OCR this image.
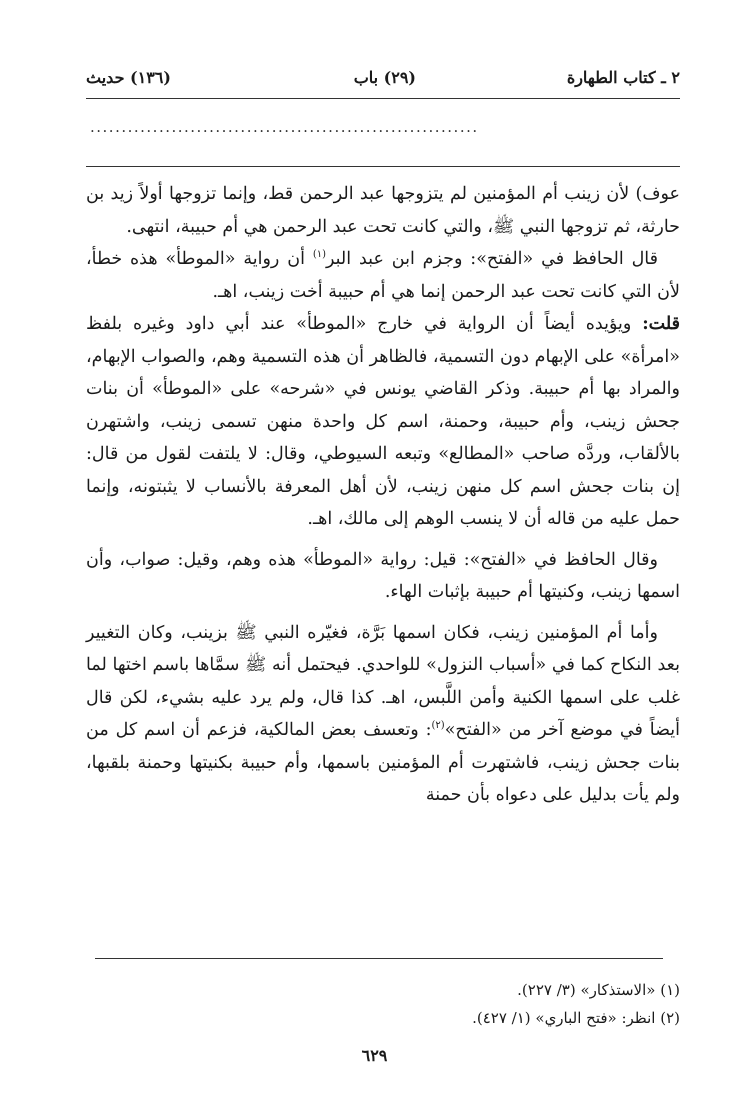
٢ ـ كتاب الطهارة
(٢٩) باب
(١٣٦) حديث
..............................................................

عوف) لأن زينب أم المؤمنين لم يتزوجها عبد الرحمن قط، وإنما تزوجها أولاً زيد بن حارثة، ثم تزوجها النبي ﷺ، والتي كانت تحت عبد الرحمن هي أم حبيبة، انتهى.

قال الحافظ في «الفتح»: وجزم ابن عبد البر$^{(١)}$ أن رواية «الموطأ» هذه خطأ، لأن التي كانت تحت عبد الرحمن إنما هي أم حبيبة أخت زينب، اهـ.

قلت: ويؤيده أيضاً أن الرواية في خارج «الموطأ» عند أبي داود وغيره بلفظ «امرأة» على الإبهام دون التسمية، فالظاهر أن هذه التسمية وهم، والصواب الإبهام، والمراد بها أم حبيبة. وذكر القاضي يونس في «شرحه» على «الموطأ» أن بنات جحش زينب، وأم حبيبة، وحمنة، اسم كل واحدة منهن تسمى زينب، واشتهرن بالألقاب، وردَّه صاحب «المطالع» وتبعه السيوطي، وقال: لا يلتفت لقول من قال: إن بنات جحش اسم كل منهن زينب، لأن أهل المعرفة بالأنساب لا يثبتونه، وإنما حمل عليه من قاله أن لا ينسب الوهم إلى مالك، اهـ.

وقال الحافظ في «الفتح»: قيل: رواية «الموطأ» هذه وهم، وقيل: صواب، وأن اسمها زينب، وكنيتها أم حبيبة بإثبات الهاء.

وأما أم المؤمنين زينب، فكان اسمها بَرَّة، فغيّره النبي ﷺ بزينب، وكان التغيير بعد النكاح كما في «أسباب النزول» للواحدي. فيحتمل أنه ﷺ سمَّاها باسم اختها لما غلب على اسمها الكنية وأمن اللَّبس، اهـ. كذا قال، ولم يرد عليه بشيء، لكن قال أيضاً في موضع آخر من «الفتح»$^{(٢)}$: وتعسف بعض المالكية، فزعم أن اسم كل من بنات جحش زينب، فاشتهرت أم المؤمنين باسمها، وأم حبيبة بكنيتها وحمنة بلقبها، ولم يأت بدليل على دعواه بأن حمنة

(١) «الاستذكار» (٣/ ٢٢٧).
(٢) انظر: «فتح الباري» (١/ ٤٢٧).
٦٢٩
